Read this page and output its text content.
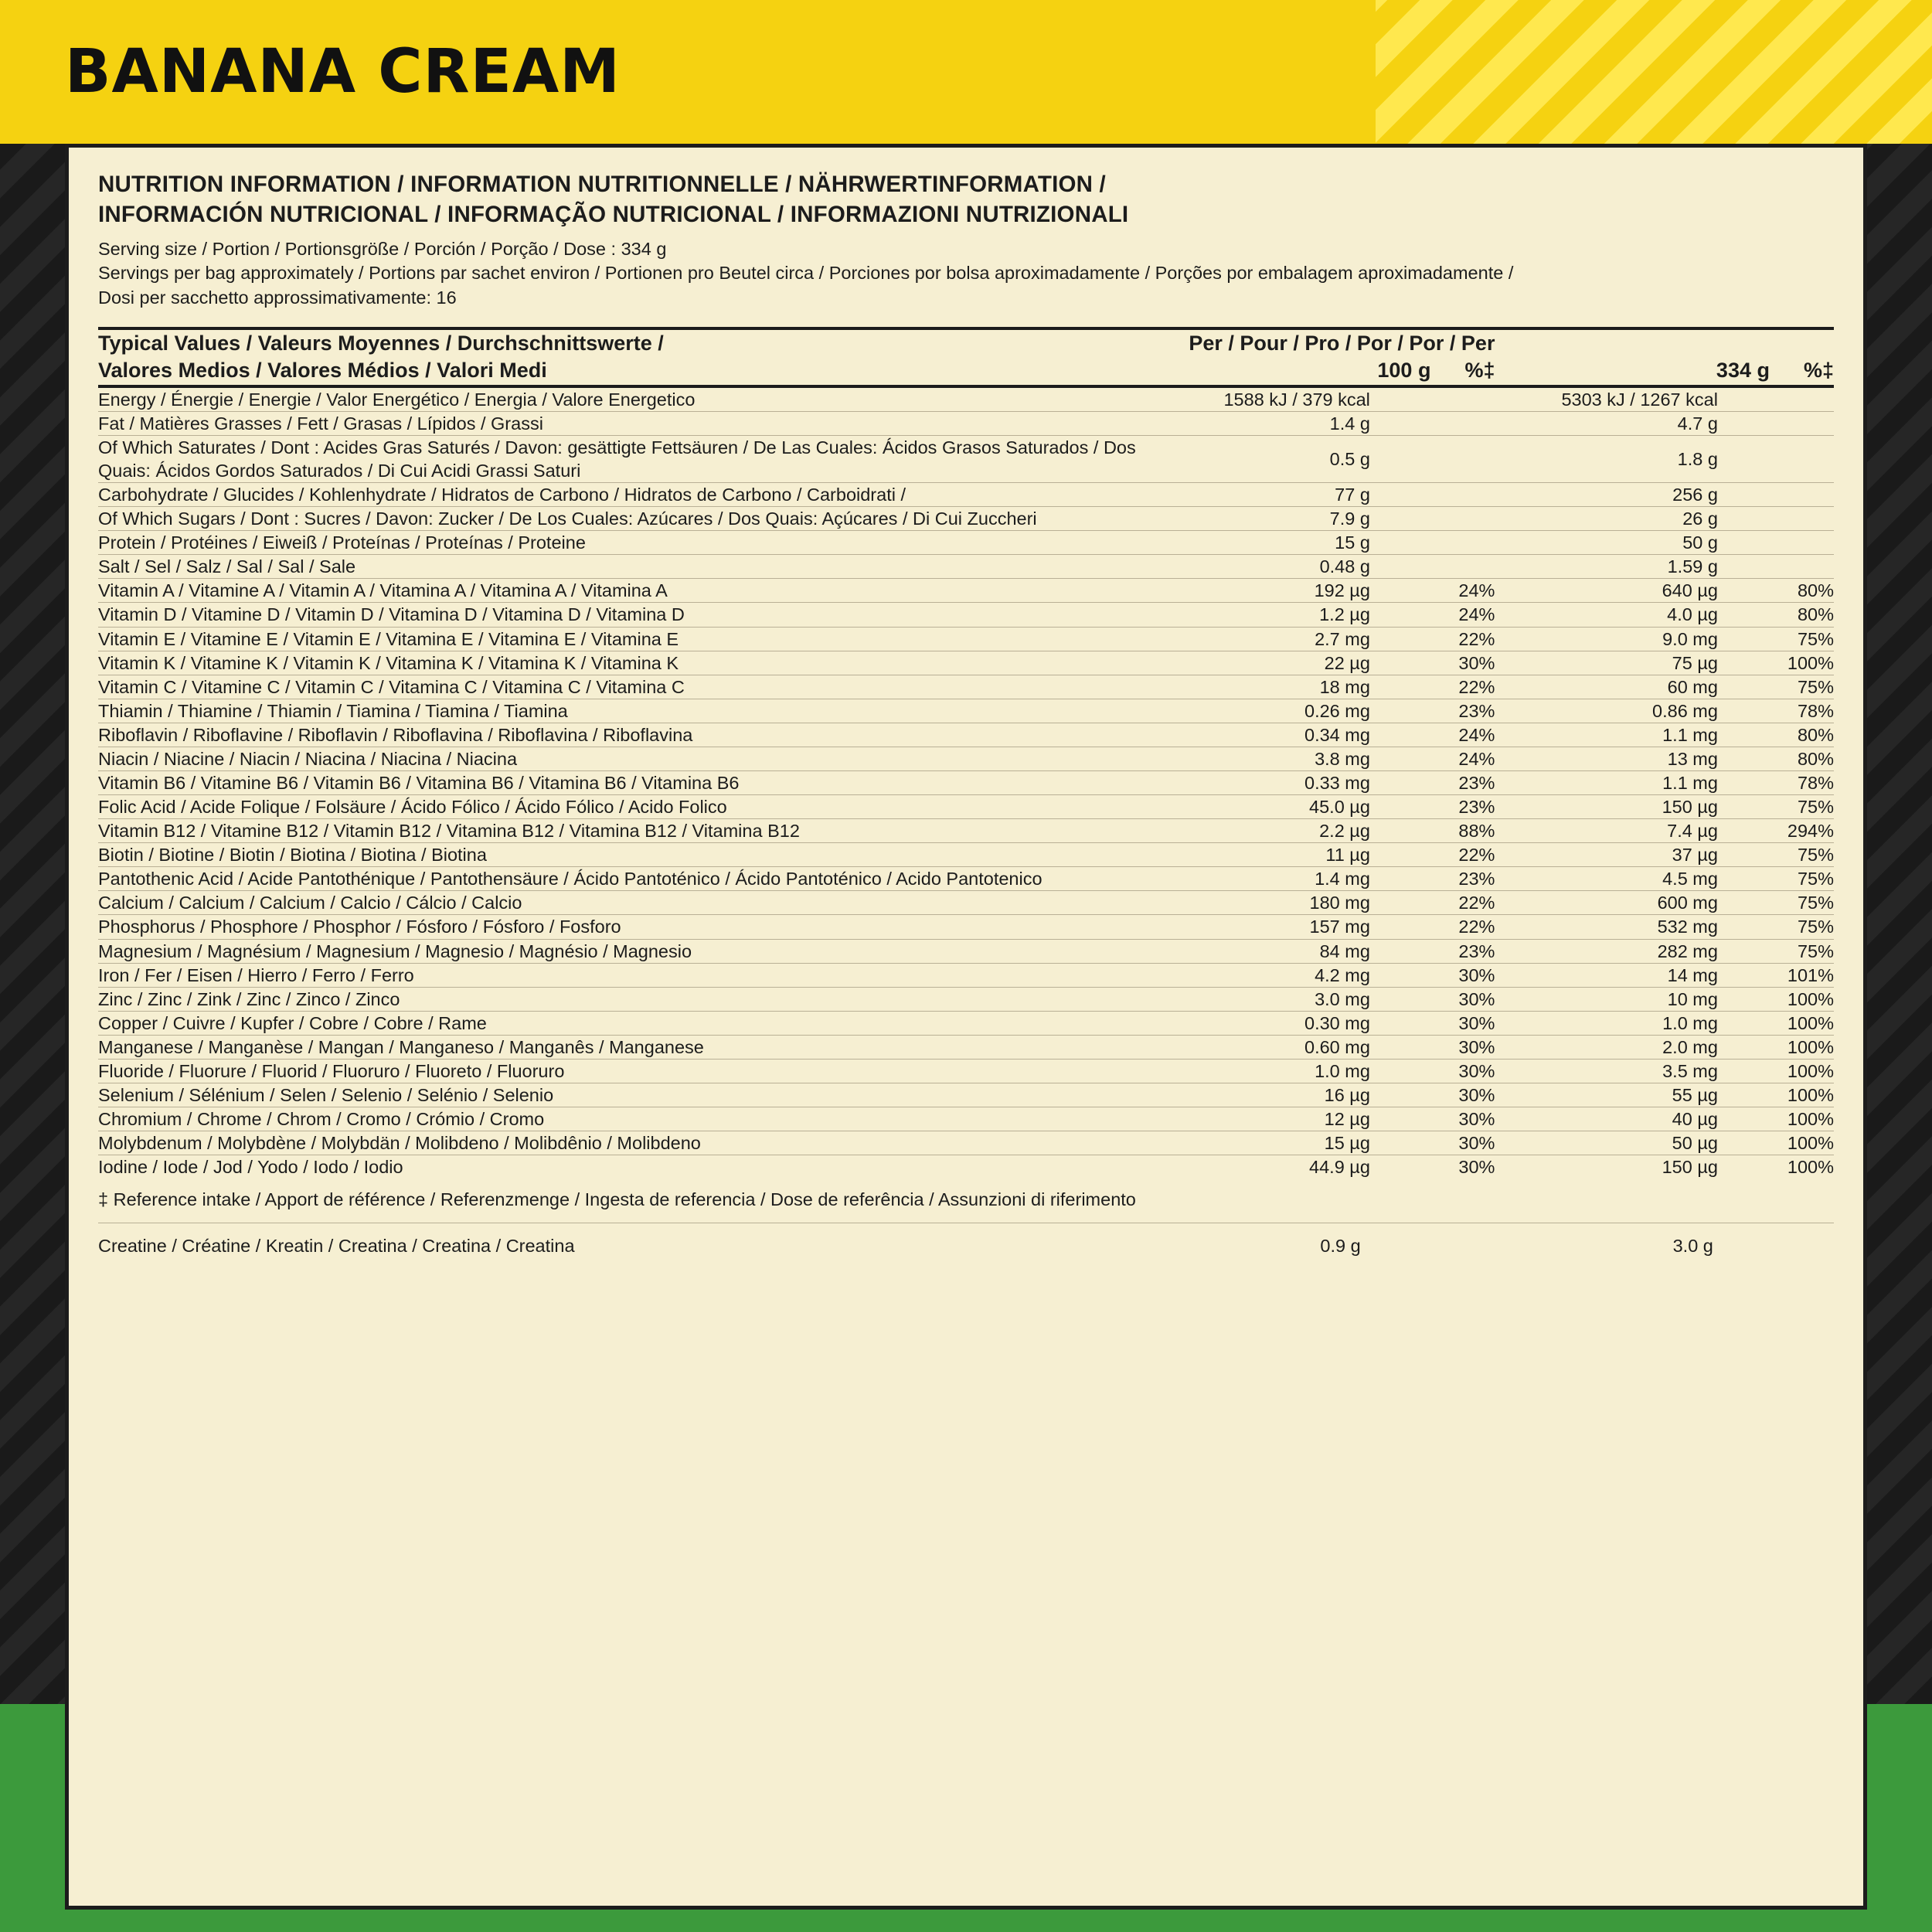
BANANA CREAM
NUTRITION INFORMATION / INFORMATION NUTRITIONNELLE / NÄHRWERTINFORMATION /
INFORMACIÓN NUTRICIONAL / INFORMAÇÃO NUTRICIONAL / INFORMAZIONI NUTRIZIONALI
Serving size / Portion / Portionsgröße / Porción / Porção / Dose : 334 g
Servings per bag approximately / Portions par sachet environ / Portionen pro Beutel circa / Porciones por bolsa aproximadamente / Porções por embalagem aproximadamente /
Dosi per sacchetto approssimativamente: 16
Typical Values / Valeurs Moyennes / Durchschnittswerte /
Valores Medios / Valores Médios / Valori Medi

Per / Pour / Pro / Por / Por / Per
100 g %‡	334 g %‡

Energy / Énergie / Energie / Valor Energético / Energia / Valore Energetico	1588 kJ / 379 kcal		5303 kJ / 1267 kcal	
Fat / Matières Grasses / Fett / Grasas / Lípidos / Grassi	1.4 g		4.7 g	
Of Which Saturates / Dont : Acides Gras Saturés / Davon: gesättigte Fettsäuren / De Las Cuales: Ácidos Grasos Saturados / Dos Quais: Ácidos Gordos Saturados / Di Cui Acidi Grassi Saturi	0.5 g		1.8 g	
Carbohydrate / Glucides / Kohlenhydrate / Hidratos de Carbono / Hidratos de Carbono / Carboidrati /	77 g		256 g	
Of Which Sugars / Dont : Sucres / Davon: Zucker / De Los Cuales: Azúcares / Dos Quais: Açúcares / Di Cui Zuccheri	7.9 g		26 g	
Protein / Protéines / Eiweiß / Proteínas / Proteínas / Proteine	15 g		50 g	
Salt / Sel / Salz / Sal / Sal / Sale	0.48 g		1.59 g	
Vitamin A / Vitamine A / Vitamin A / Vitamina A / Vitamina A / Vitamina A	192 µg	24%	640 µg	80%
Vitamin D / Vitamine D / Vitamin D / Vitamina D / Vitamina D / Vitamina D	1.2 µg	24%	4.0 µg	80%
Vitamin E / Vitamine E / Vitamin E / Vitamina E / Vitamina E / Vitamina E	2.7 mg	22%	9.0 mg	75%
Vitamin K / Vitamine K / Vitamin K / Vitamina K / Vitamina K / Vitamina K	22 µg	30%	75 µg	100%
Vitamin C / Vitamine C / Vitamin C / Vitamina C / Vitamina C / Vitamina C	18 mg	22%	60 mg	75%
Thiamin / Thiamine / Thiamin / Tiamina / Tiamina / Tiamina	0.26 mg	23%	0.86 mg	78%
Riboflavin / Riboflavine / Riboflavin / Riboflavina / Riboflavina / Riboflavina	0.34 mg	24%	1.1 mg	80%
Niacin / Niacine / Niacin / Niacina / Niacina / Niacina	3.8 mg	24%	13 mg	80%
Vitamin B6 / Vitamine B6 / Vitamin B6 / Vitamina B6 / Vitamina B6 / Vitamina B6	0.33 mg	23%	1.1 mg	78%
Folic Acid / Acide Folique / Folsäure / Ácido Fólico / Ácido Fólico / Acido Folico	45.0 µg	23%	150 µg	75%
Vitamin B12 / Vitamine B12 / Vitamin B12 / Vitamina B12 / Vitamina B12 / Vitamina B12	2.2 µg	88%	7.4 µg	294%
Biotin / Biotine / Biotin / Biotina / Biotina / Biotina	11 µg	22%	37 µg	75%
Pantothenic Acid / Acide Pantothénique / Pantothensäure / Ácido Pantoténico / Ácido Pantoténico / Acido Pantotenico	1.4 mg	23%	4.5 mg	75%
Calcium / Calcium / Calcium / Calcio / Cálcio / Calcio	180 mg	22%	600 mg	75%
Phosphorus / Phosphore / Phosphor / Fósforo / Fósforo / Fosforo	157 mg	22%	532 mg	75%
Magnesium / Magnésium / Magnesium / Magnesio / Magnésio / Magnesio	84 mg	23%	282 mg	75%
Iron / Fer / Eisen / Hierro / Ferro / Ferro	4.2 mg	30%	14 mg	101%
Zinc / Zinc / Zink / Zinc / Zinco / Zinco	3.0 mg	30%	10 mg	100%
Copper / Cuivre / Kupfer / Cobre / Cobre / Rame	0.30 mg	30%	1.0 mg	100%
Manganese / Manganèse / Mangan / Manganeso / Manganês / Manganese	0.60 mg	30%	2.0 mg	100%
Fluoride / Fluorure / Fluorid / Fluoruro / Fluoreto / Fluoruro	1.0 mg	30%	3.5 mg	100%
Selenium / Sélénium / Selen / Selenio / Selénio / Selenio	16 µg	30%	55 µg	100%
Chromium / Chrome / Chrom / Cromo / Crómio / Cromo	12 µg	30%	40 µg	100%
Molybdenum / Molybdène / Molybdän / Molibdeno / Molibdênio / Molibdeno	15 µg	30%	50 µg	100%
Iodine / Iode / Jod / Yodo / Iodo / Iodio	44.9 µg	30%	150 µg	100%
‡ Reference intake / Apport de référence / Referenzmenge / Ingesta de referencia / Dose de referência / Assunzioni di riferimento
Creatine / Créatine / Kreatin / Creatina / Creatina / Creatina	0.9 g		3.0 g	
